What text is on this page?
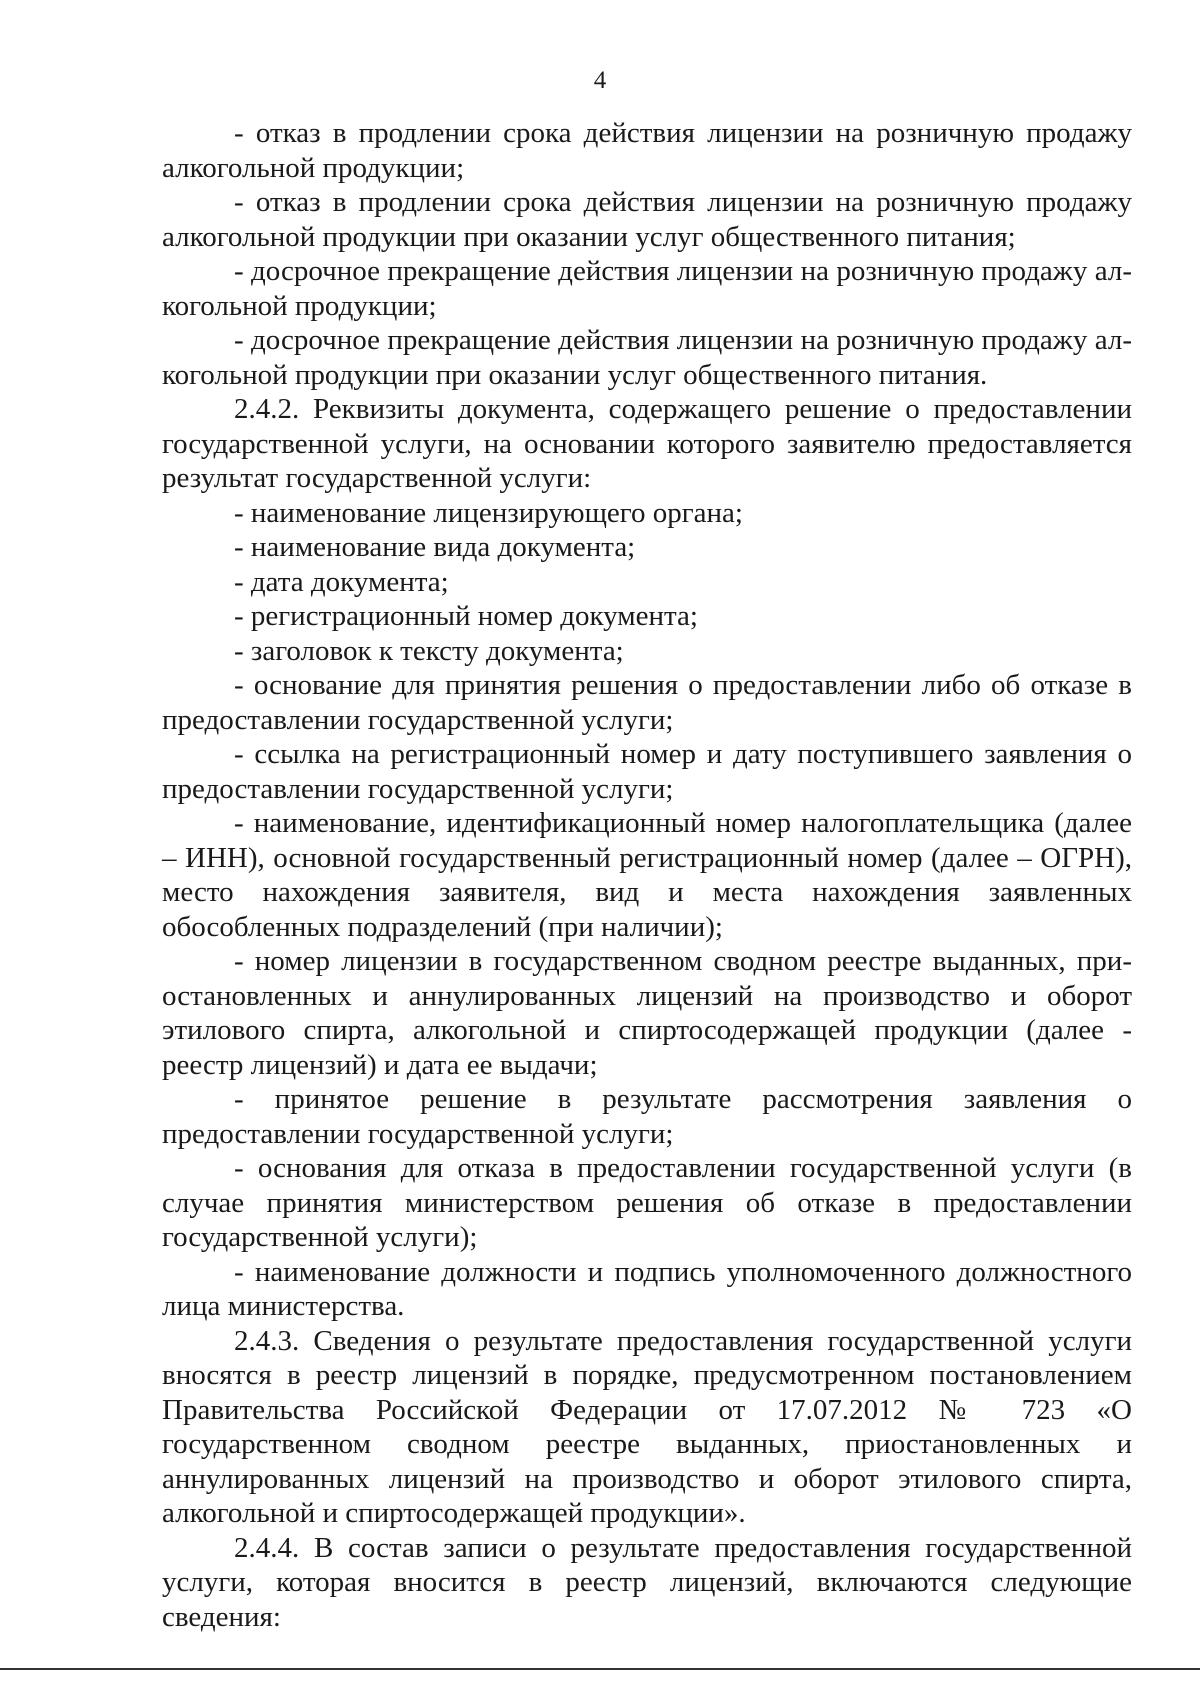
4

- отказ в продлении срока действия лицензии на розничную продажу алкогольной продукции;

- отказ в продлении срока действия лицензии на розничную продажу алкогольной продукции при оказании услуг общественного питания;

- досрочное прекращение действия лицензии на розничную продажу алкогольной продукции;

- досрочное прекращение действия лицензии на розничную продажу алкогольной продукции при оказании услуг общественного питания.

2.4.2. Реквизиты документа, содержащего решение о предоставлении государственной услуги, на основании которого заявителю предоставляется результат государственной услуги:

- наименование лицензирующего органа;

- наименование вида документа;

- дата документа;

- регистрационный номер документа;

- заголовок к тексту документа;

- основание для принятия решения о предоставлении либо об отказе в предоставлении государственной услуги;

- ссылка на регистрационный номер и дату поступившего заявления о предоставлении государственной услуги;

- наименование, идентификационный номер налогоплательщика (далее – ИНН), основной государственный регистрационный номер (далее – ОГРН), место нахождения заявителя, вид и места нахождения заявленных обособленных подразделений (при наличии);

- номер лицензии в государственном сводном реестре выданных, приостановленных и аннулированных лицензий на производство и оборот этилового спирта, алкогольной и спиртосодержащей продукции (далее - реестр лицензий) и дата ее выдачи;

- принятое решение в результате рассмотрения заявления о предоставлении государственной услуги;

- основания для отказа в предоставлении государственной услуги (в случае принятия министерством решения об отказе в предоставлении государственной услуги);

- наименование должности и подпись уполномоченного должностного лица министерства.

2.4.3. Сведения о результате предоставления государственной услуги вносятся в реестр лицензий в порядке, предусмотренном постановлением Правительства Российской Федерации от 17.07.2012 № 723 «О государственном сводном реестре выданных, приостановленных и аннулированных лицензий на производство и оборот этилового спирта, алкогольной и спиртосодержащей продукции».

2.4.4. В состав записи о результате предоставления государственной услуги, которая вносится в реестр лицензий, включаются следующие сведения:
